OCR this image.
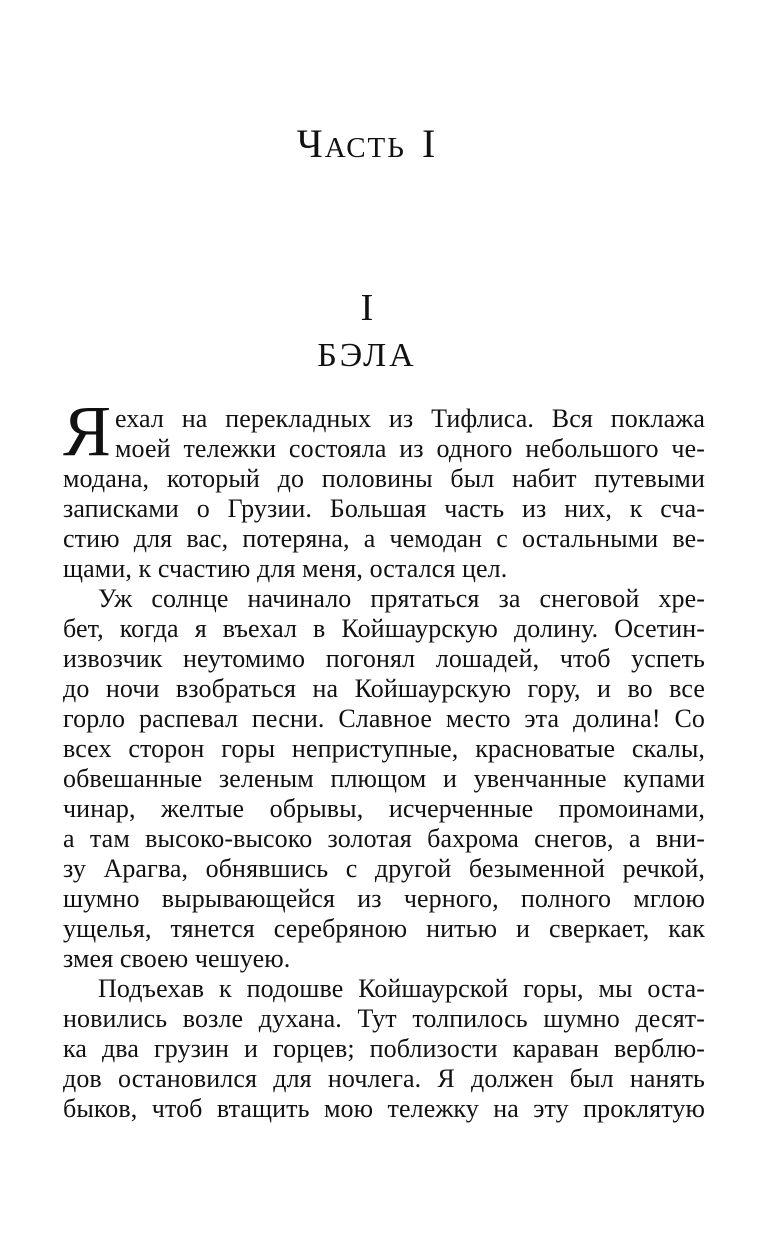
ЧАСТЬ I
I
БЭЛА
Я ехал на перекладных из Тифлиса. Вся поклажа
моей тележки состояла из одного небольшого че-
модана, который до половины был набит путевыми
записками о Грузии. Большая часть из них, к сча-
стию для вас, потеряна, а чемодан с остальными ве-
щами, к счастию для меня, остался цел.
Уж солнце начинало прятаться за снеговой хре-
бет, когда я въехал в Койшаурскую долину. Осетин-
извозчик неутомимо погонял лошадей, чтоб успеть
до ночи взобраться на Койшаурскую гору, и во все
горло распевал песни. Славное место эта долина! Со
всех сторон горы неприступные, красноватые скалы,
обвешанные зеленым плющом и увенчанные купами
чинар, желтые обрывы, исчерченные промоинами,
а там высоко-высоко золотая бахрома снегов, а вни-
зу Арагва, обнявшись с другой безыменной речкой,
шумно вырывающейся из черного, полного мглою
ущелья, тянется серебряною нитью и сверкает, как
змея своею чешуею.
Подъехав к подошве Койшаурской горы, мы оста-
новились возле духана. Тут толпилось шумно десят-
ка два грузин и горцев; поблизости караван верблю-
дов остановился для ночлега. Я должен был нанять
быков, чтоб втащить мою тележку на эту проклятую
